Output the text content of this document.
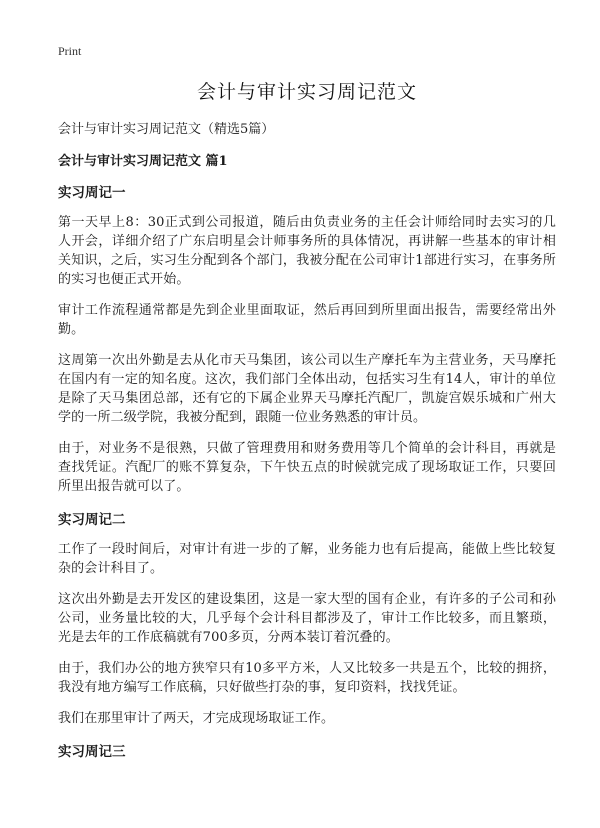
Print
会计与审计实习周记范文

会计与审计实习周记范文（精选5篇）

会计与审计实习周记范文 篇1

实习周记一

第一天早上8：30正式到公司报道，随后由负责业务的主任会计师给同时去实习的几人开会，详细介绍了广东启明星会计师事务所的具体情况，再讲解一些基本的审计相关知识，之后，实习生分配到各个部门，我被分配在公司审计1部进行实习，在事务所的实习也便正式开始。

审计工作流程通常都是先到企业里面取证，然后再回到所里面出报告，需要经常出外勤。

这周第一次出外勤是去从化市天马集团，该公司以生产摩托车为主营业务，天马摩托在国内有一定的知名度。这次，我们部门全体出动，包括实习生有14人，审计的单位是除了天马集团总部，还有它的下属企业界天马摩托汽配厂，凯旋宫娱乐城和广州大学的一所二级学院，我被分配到，跟随一位业务熟悉的审计员。

由于，对业务不是很熟，只做了管理费用和财务费用等几个简单的会计科目，再就是查找凭证。汽配厂的账不算复杂，下午快五点的时候就完成了现场取证工作，只要回所里出报告就可以了。

实习周记二

工作了一段时间后，对审计有进一步的了解，业务能力也有后提高，能做上些比较复杂的会计科目了。

这次出外勤是去开发区的建设集团，这是一家大型的国有企业，有许多的子公司和孙公司，业务量比较的大，几乎每个会计科目都涉及了，审计工作比较多，而且繁琐，光是去年的工作底稿就有700多页，分两本装订着沉叠的。

由于，我们办公的地方狭窄只有10多平方米，人又比较多一共是五个，比较的拥挤，我没有地方编写工作底稿，只好做些打杂的事，复印资料，找找凭证。

我们在那里审计了两天，才完成现场取证工作。

实习周记三
